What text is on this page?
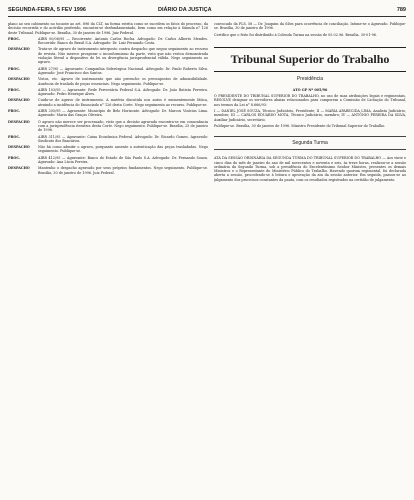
SEGUNDA-FEIRA, 5 FEV 1996	DIÁRIO DA JUSTIÇA	789

plano ao seu cabimento no tocante ao art. 896 da CLT, na forma estrita como se sucedem os fatos do processo, da decisão recorrida e do acórdão proferido, encontra-se desfundamentado, bem como em relação à Súmula n° 126 deste Tribunal. Publique-se. Brasília, 30 de janeiro de 1996. Juiz Federal.

PROC.	AIRR 00/06/95 — Recorrente: Antonio Carlos Rocha. Advogado: Dr. Carlos Alberto Mendes. Recorrido: Banco do Brasil S.A. Advogado: Dr. Luiz Fernando Costa.
DESPACHO	Trata-se de agravo de instrumento interposto contra despacho que negou seguimento ao recurso de revista. Não merece prosperar o inconformismo da parte, visto que não restou demonstrada violação literal a dispositivo de lei ou divergência jurisprudencial válida. Nego seguimento ao agravo.
PROC.	AIRR 27/95 — Agravante: Companhia Siderúrgica Nacional. Advogado: Dr. Paulo Roberto Silva. Agravado: José Francisco dos Santos.
DESPACHO	Vistos, etc. Agravo de instrumento que não preenche os pressupostos de admissibilidade. Ausência de traslado de peças essenciais. Nego seguimento. Publique-se.
PROC.	AIRR 103/95 — Agravante: Rede Ferroviária Federal S.A. Advogado: Dr. João Batista Ferreira. Agravado: Pedro Henrique Alves.
DESPACHO	Cuida-se de agravo de instrumento. A matéria discutida nos autos é eminentemente fática, atraindo a incidência do Enunciado n° 126 desta Corte. Nego seguimento ao recurso. Publique-se.
PROC.	AIRR 205/95 — Agravante: Município de Belo Horizonte. Advogado: Dr. Marcos Vinícius Lima. Agravado: Maria das Graças Oliveira.
DESPACHO	O agravo não merece ser processado, visto que a decisão agravada encontra-se em consonância com a jurisprudência iterativa desta Corte. Nego seguimento. Publique-se. Brasília, 25 de janeiro de 1996.
PROC.	AIRR 311/95 — Agravante: Caixa Econômica Federal. Advogado: Dr. Ricardo Gomes. Agravado: Sindicato dos Bancários.
DESPACHO	Não há como admitir o agravo, porquanto ausente a autenticação das peças trasladadas. Nego seguimento. Publique-se.
PROC.	AIRR 412/95 — Agravante: Banco do Estado de São Paulo S.A. Advogado: Dr. Fernando Souza. Agravado: Ana Lúcia Pereira.
DESPACHO	Mantenho o despacho agravado por seus próprios fundamentos. Nego seguimento. Publique-se. Brasília, 30 de janeiro de 1996. Juiz Federal.

convocado da FLS. 58 — Dr. Joaquim da Silva para ocorrência de conciliação. Intime-se o Agravado. Publique-se. Brasília, 30 de janeiro de 1996.

Certifico que o feito foi distribuído à Colenda Turma na sessão de 05.02.96. Brasília, 30-01-96.

Tribunal Superior do Trabalho
Presidência

ATO GP Nº 005/96

O PRESIDENTE DO TRIBUNAL SUPERIOR DO TRABALHO, no uso de suas atribuições legais e regimentais, RESOLVE designar os servidores abaixo relacionados para comporem a Comissão de Licitação do Tribunal, nos termos da Lei n° 8.666/93:

I — DANIEL JOSÉ SOUZA, Técnico Judiciário, Presidente; II — MARIA APARECIDA LIMA, Analista Judiciário, membro; III — CARLOS EDUARDO MOTA, Técnico Judiciário, membro; IV — ANTÔNIO PEREIRA DA SILVA, Auxiliar Judiciário, secretário.

Publique-se. Brasília, 30 de janeiro de 1996. Ministro Presidente do Tribunal Superior do Trabalho.

Segunda Turma

ATA DA SESSÃO ORDINÁRIA DA SEGUNDA TURMA DO TRIBUNAL SUPERIOR DO TRABALHO — Aos vinte e cinco dias do mês de janeiro do ano de mil novecentos e noventa e seis, às treze horas, realizou-se a sessão ordinária da Segunda Turma, sob a presidência do Excelentíssimo Senhor Ministro, presentes os demais Ministros e o Representante do Ministério Público do Trabalho. Havendo quorum regimental, foi declarada aberta a sessão, procedendo-se à leitura e aprovação da ata da sessão anterior. Em seguida, passou-se ao julgamento dos processos constantes da pauta, com os resultados registrados na certidão de julgamento.
